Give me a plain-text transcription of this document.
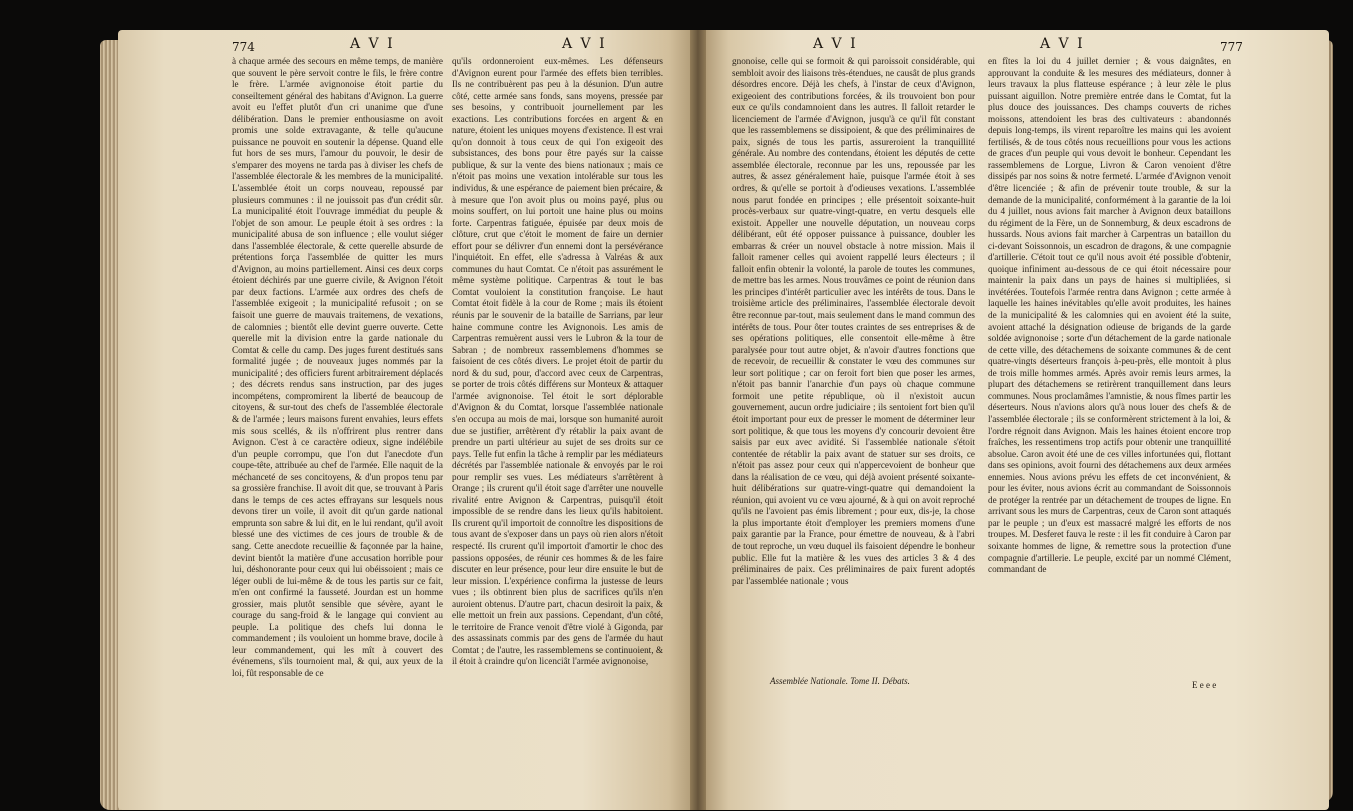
774	A V I	A V I

à chaque armée des secours en même temps, de manière que souvent le père servoit contre le fils, le frère contre le frère. L'armée avignonoise étoit partie du conseiltement général des habitans d'Avignon. La guerre avoit eu l'effet plutôt d'un cri unanime que d'une délibération. Dans le premier enthousiasme on avoit promis une solde extravagante, & telle qu'aucune puissance ne pouvoit en soutenir la dépense. Quand elle fut hors de ses murs, l'amour du pouvoir, le desir de s'emparer des moyens ne tarda pas à diviser les chefs de l'assemblée électorale & les membres de la municipalité. L'assemblée étoit un corps nouveau, repoussé par plusieurs communes : il ne jouissoit pas d'un crédit sûr. La municipalité étoit l'ouvrage immédiat du peuple & l'objet de son amour. Le peuple étoit à ses ordres : la municipalité abusa de son influence ; elle voulut siéger dans l'assemblée électorale, & cette querelle absurde de prétentions força l'assemblée de quitter les murs d'Avignon, au moins partiellement. Ainsi ces deux corps étoient déchirés par une guerre civile, & Avignon l'étoit par deux factions. L'armée aux ordres des chefs de l'assemblée exigeoit ; la municipalité refusoit ; on se faisoit une guerre de mauvais traitemens, de vexations, de calomnies ; bientôt elle devint guerre ouverte. Cette querelle mit la division entre la garde nationale du Comtat & celle du camp. Des juges furent destitués sans formalité jugée ; de nouveaux juges nommés par la municipalité ; des officiers furent arbitrairement déplacés ; des décrets rendus sans instruction, par des juges incompétens, compromirent la liberté de beaucoup de citoyens, & sur-tout des chefs de l'assemblée électorale & de l'armée ; leurs maisons furent envahies, leurs effets mis sous scellés, & ils n'offrirent plus rentrer dans Avignon. C'est à ce caractère odieux, signe indélébile d'un peuple corrompu, que l'on dut l'anecdote d'un coupe-tête, attribuée au chef de l'armée. Elle naquit de la méchanceté de ses concitoyens, & d'un propos tenu par sa grossière franchise. Il avoit dit que, se trouvant à Paris dans le temps de ces actes effrayans sur lesquels nous devons tirer un voile, il avoit dit qu'un garde national emprunta son sabre & lui dit, en le lui rendant, qu'il avoit blessé une des victimes de ces jours de trouble & de sang. Cette anecdote recueillie & façonnée par la haine, devint bientôt la matière d'une accusation horrible pour lui, déshonorante pour ceux qui lui obéissoient ; mais ce léger oubli de lui-même & de tous les partis sur ce fait, m'en ont confirmé la fausseté. Jourdan est un homme grossier, mais plutôt sensible que sévère, ayant le courage du sang-froid & le langage qui convient au peuple. La politique des chefs lui donna le commandement ; ils vouloient un homme brave, docile à leur commandement, qui les mît à couvert des événemens, s'ils tournoient mal, & qui, aux yeux de la loi, fût responsable de ce

qu'ils ordonneroient eux-mêmes. Les défenseurs d'Avignon eurent pour l'armée des effets bien terribles. Ils ne contribuèrent pas peu à la désunion. D'un autre côté, cette armée sans fonds, sans moyens, pressée par ses besoins, y contribuoit journellement par les exactions. Les contributions forcées en argent & en nature, étoient les uniques moyens d'existence. Il est vrai qu'on donnoit à tous ceux de qui l'on exigeoit des subsistances, des bons pour être payés sur la caisse publique, & sur la vente des biens nationaux ; mais ce n'étoit pas moins une vexation intolérable sur tous les individus, & une espérance de paiement bien précaire, & à mesure que l'on avoit plus ou moins payé, plus ou moins souffert, on lui portoit une haine plus ou moins forte. Carpentras fatiguée, épuisée par deux mois de clôture, crut que c'étoit le moment de faire un dernier effort pour se délivrer d'un ennemi dont la persévérance l'inquiétoit. En effet, elle s'adressa à Valréas & aux communes du haut Comtat. Ce n'étoit pas assurément le même système politique. Carpentras & tout le bas Comtat vouloient la constitution françoise. Le haut Comtat étoit fidèle à la cour de Rome ; mais ils étoient réunis par le souvenir de la bataille de Sarrians, par leur haine commune contre les Avignonois. Les amis de Carpentras remuèrent aussi vers le Lubron & la tour de Sabran ; de nombreux rassemblemens d'hommes se faisoient de ces côtés divers. Le projet étoit de partir du nord & du sud, pour, d'accord avec ceux de Carpentras, se porter de trois côtés différens sur Monteux & attaquer l'armée avignonoise. Tel étoit le sort déplorable d'Avignon & du Comtat, lorsque l'assemblée nationale s'en occupa au mois de mai, lorsque son humanité auroit due se justifier, arrêtèrent d'y rétablir la paix avant de prendre un parti ultérieur au sujet de ses droits sur ce pays. Telle fut enfin la tâche à remplir par les médiateurs décrétés par l'assemblée nationale & envoyés par le roi pour remplir ses vues. Les médiateurs s'arrêtèrent à Orange ; ils crurent qu'il étoit sage d'arrêter une nouvelle rivalité entre Avignon & Carpentras, puisqu'il étoit impossible de se rendre dans les lieux qu'ils habitoient. Ils crurent qu'il importoit de connoître les dispositions de tous avant de s'exposer dans un pays où rien alors n'étoit respecté. Ils crurent qu'il importoit d'amortir le choc des passions opposées, de réunir ces hommes & de les faire discuter en leur présence, pour leur dire ensuite le but de leur mission. L'expérience confirma la justesse de leurs vues ; ils obtinrent bien plus de sacrifices qu'ils n'en auroient obtenus. D'autre part, chacun desiroit la paix, & elle mettoit un frein aux passions. Cependant, d'un côté, le territoire de France venoit d'être violé à Gigonda, par des assassinats commis par des gens de l'armée du haut Comtat ; de l'autre, les rassemblemens se continuoient, & il étoit à craindre qu'on licenciât l'armée avignonoise,

A V I	A V I	777

gnonoise, celle qui se formoit & qui paroissoit considérable, qui sembloit avoir des liaisons très-étendues, ne causât de plus grands désordres encore. Déjà les chefs, à l'instar de ceux d'Avignon, exigeoient des contributions forcées, & ils trouvoient bon pour eux ce qu'ils condamnoient dans les autres. Il falloit retarder le licenciement de l'armée d'Avignon, jusqu'à ce qu'il fût constant que les rassemblemens se dissipoient, & que des préliminaires de paix, signés de tous les partis, assureroient la tranquillité générale. Au nombre des contendans, étoient les députés de cette assemblée électorale, reconnue par les uns, repoussée par les autres, & assez généralement haïe, puisque l'armée étoit à ses ordres, & qu'elle se portoit à d'odieuses vexations. L'assemblée nous parut fondée en principes ; elle présentoit soixante-huit procès-verbaux sur quatre-vingt-quatre, en vertu desquels elle existoit. Appeller une nouvelle députation, un nouveau corps délibérant, eût été opposer puissance à puissance, doubler les embarras & créer un nouvel obstacle à notre mission. Mais il falloit ramener celles qui avoient rappellé leurs électeurs ; il falloit enfin obtenir la volonté, la parole de toutes les communes, de mettre bas les armes. Nous trouvâmes ce point de réunion dans les principes d'intérêt particulier avec les intérêts de tous. Dans le troisième article des préliminaires, l'assemblée électorale devoit être reconnue par-tout, mais seulement dans le mand commun des intérêts de tous. Pour ôter toutes craintes de ses entreprises & de ses opérations politiques, elle consentoit elle-même à être paralysée pour tout autre objet, & n'avoir d'autres fonctions que de recevoir, de recueillir & constater le vœu des communes sur leur sort politique ; car on feroit fort bien que poser les armes, n'étoit pas bannir l'anarchie d'un pays où chaque commune formoit une petite république, où il n'existoit aucun gouvernement, aucun ordre judiciaire ; ils sentoient fort bien qu'il étoit important pour eux de presser le moment de déterminer leur sort politique, & que tous les moyens d'y concourir devoient être saisis par eux avec avidité. Si l'assemblée nationale s'étoit contentée de rétablir la paix avant de statuer sur ses droits, ce n'étoit pas assez pour ceux qui n'appercevoient de bonheur que dans la réalisation de ce vœu, qui déjà avoient présenté soixante-huit délibérations sur quatre-vingt-quatre qui demandoient la réunion, qui avoient vu ce vœu ajourné, & à qui on avoit reproché qu'ils ne l'avoient pas émis librement ; pour eux, dis-je, la chose la plus importante étoit d'employer les premiers momens d'une paix garantie par la France, pour émettre de nouveau, & à l'abri de tout reproche, un vœu duquel ils faisoient dépendre le bonheur public. Elle fut la matière & les vues des articles 3 & 4 des préliminaires de paix. Ces préliminaires de paix furent adoptés par l'assemblée nationale ; vous

en fîtes la loi du 4 juillet dernier ; & vous daignâtes, en approuvant la conduite & les mesures des médiateurs, donner à leurs travaux la plus flatteuse espérance ; à leur zèle le plus puissant aiguillon. Notre première entrée dans le Comtat, fut la plus douce des jouissances. Des champs couverts de riches moissons, attendoient les bras des cultivateurs : abandonnés depuis long-temps, ils virent reparoître les mains qui les avoient fertilisés, & de tous côtés nous recueillions pour vous les actions de graces d'un peuple qui vous devoit le bonheur. Cependant les rassemblemens de Lorgue, Livron & Caron venoient d'être dissipés par nos soins & notre fermeté. L'armée d'Avignon venoit d'être licenciée ; & afin de prévenir toute trouble, & sur la demande de la municipalité, conformément à la garantie de la loi du 4 juillet, nous avions fait marcher à Avignon deux bataillons du régiment de la Fère, un de Sonnemburg, & deux escadrons de hussards. Nous avions fait marcher à Carpentras un bataillon du ci-devant Soissonnois, un escadron de dragons, & une compagnie d'artillerie. C'étoit tout ce qu'il nous avoit été possible d'obtenir, quoique infiniment au-dessous de ce qui étoit nécessaire pour maintenir la paix dans un pays de haines si multipliées, si invétérées. Toutefois l'armée rentra dans Avignon ; cette armée à laquelle les haines inévitables qu'elle avoit produites, les haines de la municipalité & les calomnies qui en avoient été la suite, avoient attaché la désignation odieuse de brigands de la garde soldée avignonoise ; sorte d'un détachement de la garde nationale de cette ville, des détachemens de soixante communes & de cent quatre-vingts déserteurs françois à-peu-près, elle montoit à plus de trois mille hommes armés. Après avoir remis leurs armes, la plupart des détachemens se retirèrent tranquillement dans leurs communes. Nous proclamâmes l'amnistie, & nous fîmes partir les déserteurs. Nous n'avions alors qu'à nous louer des chefs & de l'assemblée électorale ; ils se conformèrent strictement à la loi, & l'ordre régnoit dans Avignon. Mais les haines étoient encore trop fraîches, les ressentimens trop actifs pour obtenir une tranquillité absolue. Caron avoit été une de ces villes infortunées qui, flottant dans ses opinions, avoit fourni des détachemens aux deux armées ennemies. Nous avions prévu les effets de cet inconvénient, & pour les éviter, nous avions écrit au commandant de Soissonnois de protéger la rentrée par un détachement de troupes de ligne. En arrivant sous les murs de Carpentras, ceux de Caron sont attaqués par le peuple ; un d'eux est massacré malgré les efforts de nos troupes. M. Desferet fauva le reste : il les fit conduire à Caron par soixante hommes de ligne, & remettre sous la protection d'une compagnie d'artillerie. Le peuple, excité par un nommé Clément, commandant de

Assemblée Nationale. Tome II. Débats.	E e e e
